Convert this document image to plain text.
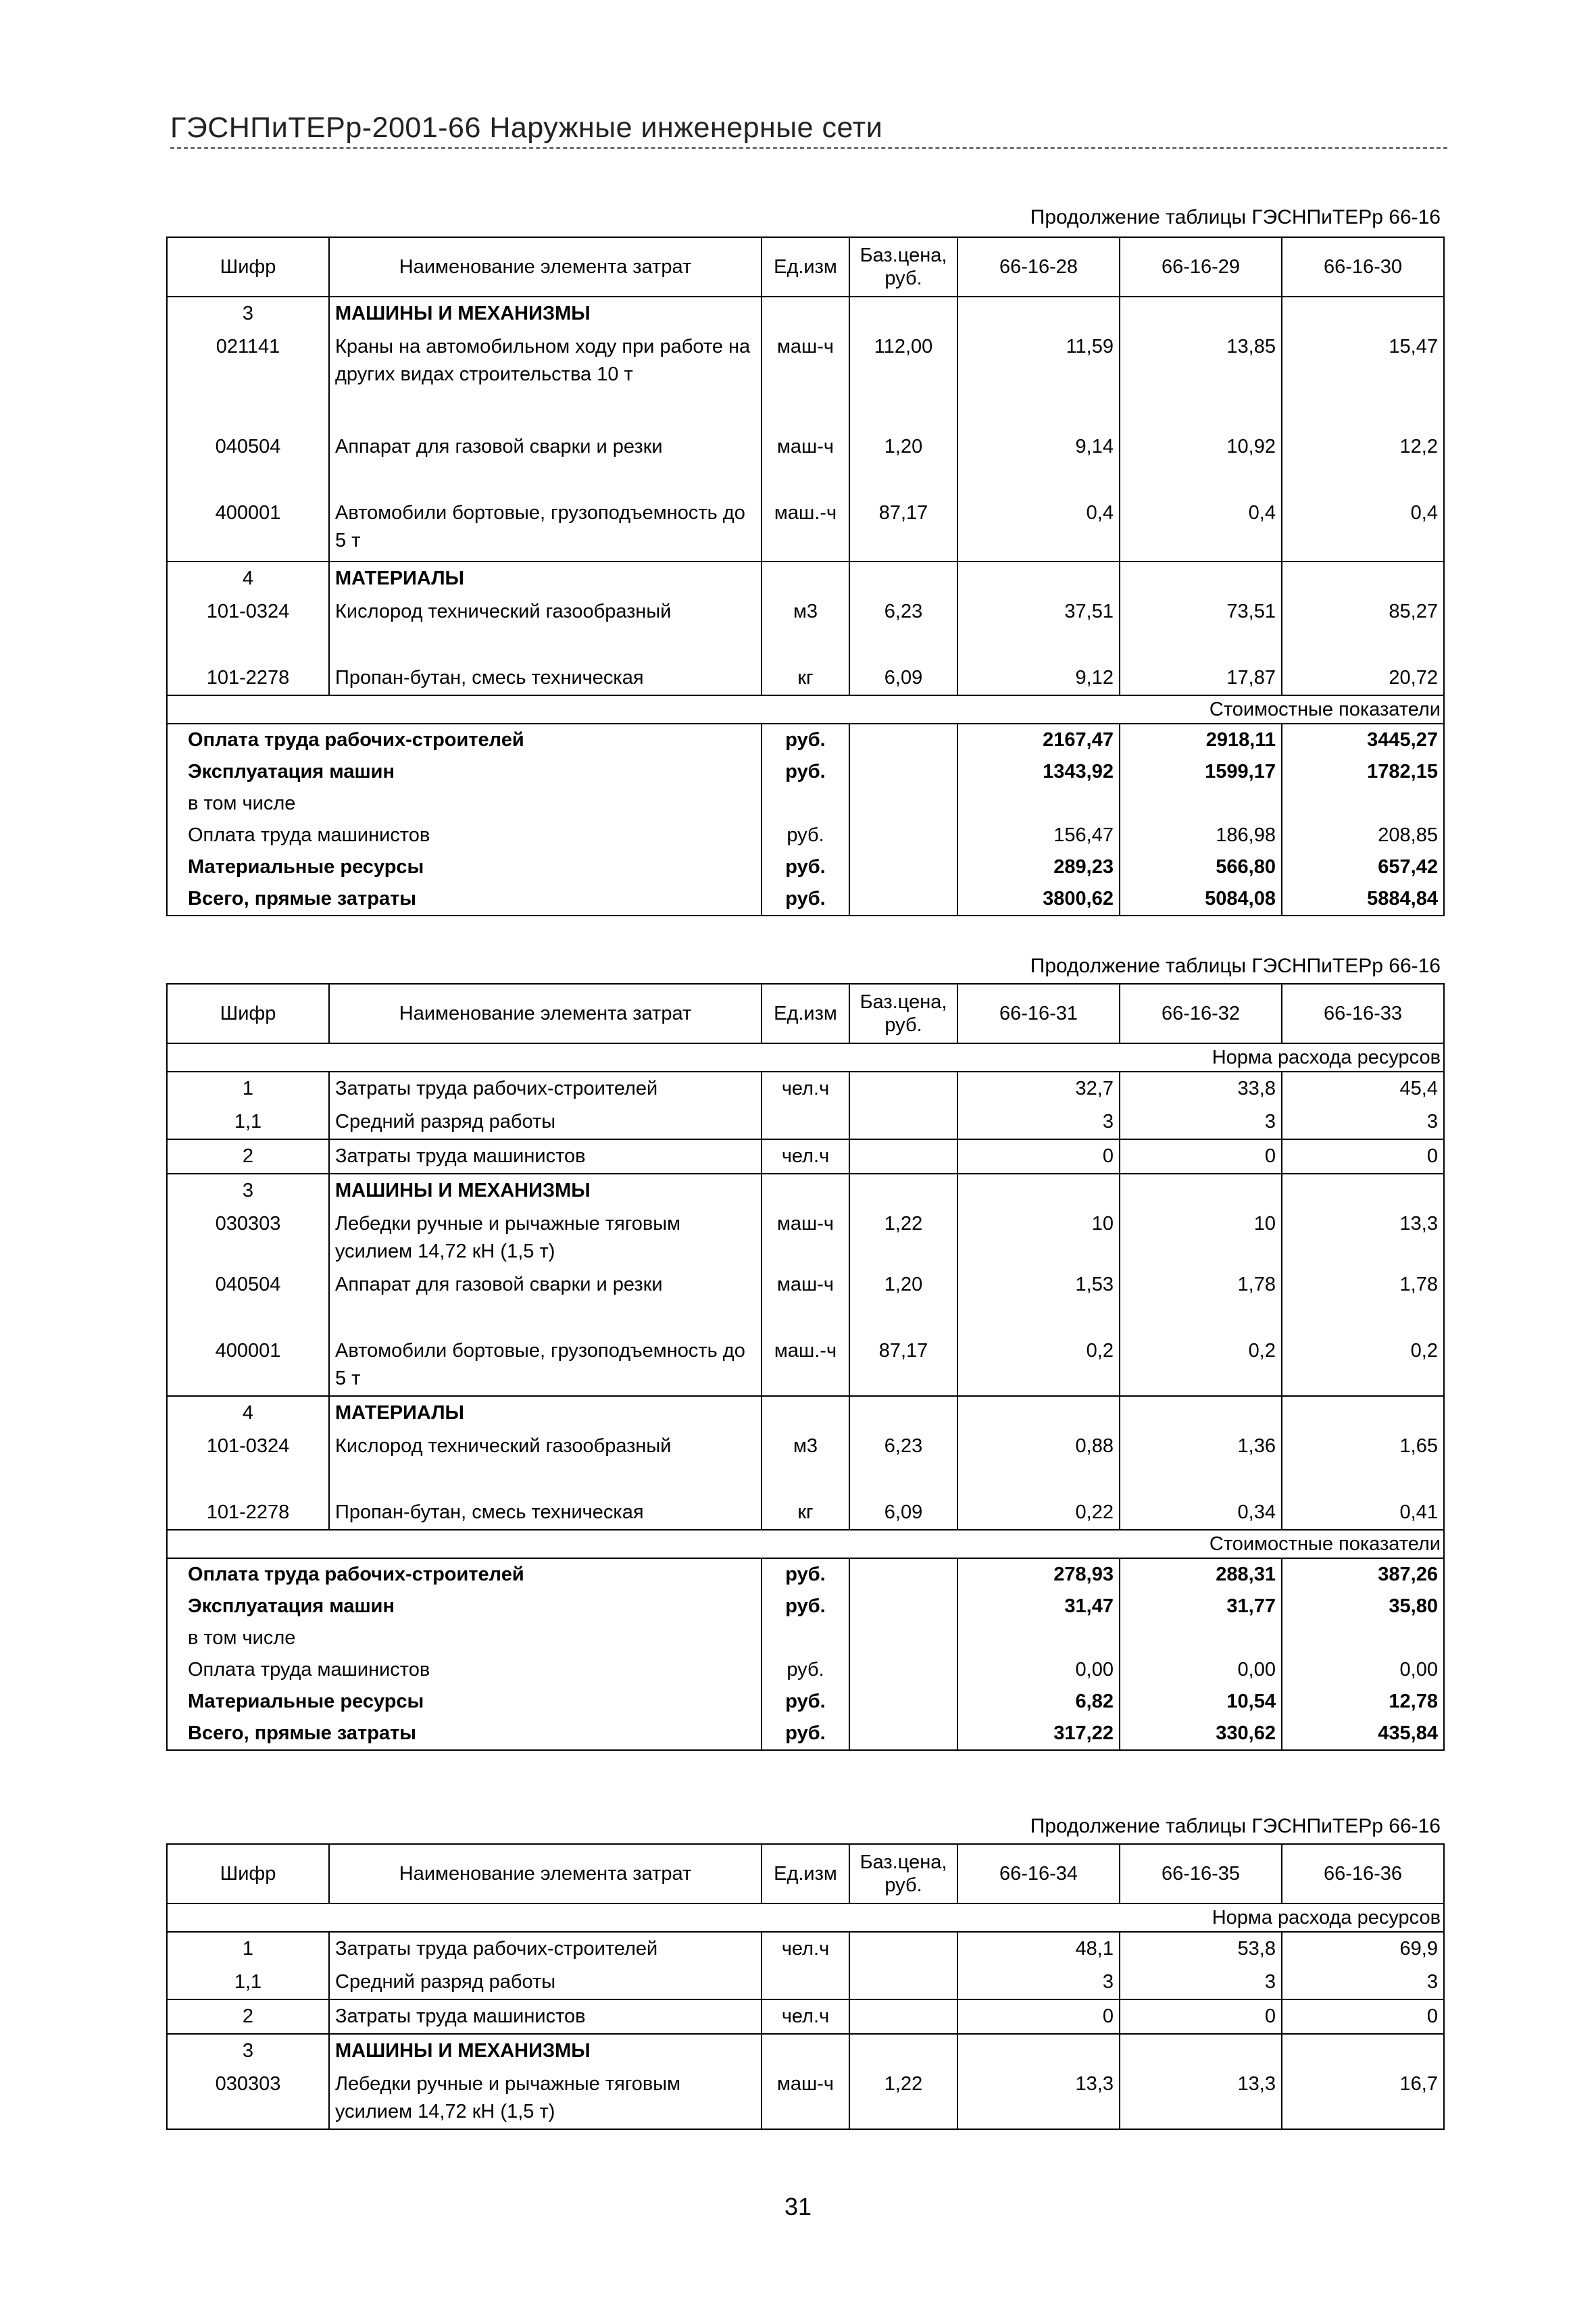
ГЭСНПиТЕРр-2001-66 Наружные инженерные сети
Продолжение таблицы ГЭСНПиТЕРр 66-16
Шифр	Наименование элемента затрат	Ед.изм	Баз.цена, руб.	66-16-28	66-16-29	66-16-30
3	МАШИНЫ И МЕХАНИЗМЫ					
021141	Краны на автомобильном ходу при работе на других видах строительства 10 т	маш-ч	112,00	11,59	13,85	15,47
040504	Аппарат для газовой сварки и резки	маш-ч	1,20	9,14	10,92	12,2
400001	Автомобили бортовые, грузоподъемность до 5 т	маш.-ч	87,17	0,4	0,4	0,4
4	МАТЕРИАЛЫ					
101-0324	Кислород технический газообразный	м3	6,23	37,51	73,51	85,27
101-2278	Пропан-бутан, смесь техническая	кг	6,09	9,12	17,87	20,72
Стоимостные показатели						
Оплата труда рабочих-строителей		руб.		2167,47	2918,11	3445,27
Эксплуатация машин		руб.		1343,92	1599,17	1782,15
в том числе						
Оплата труда машинистов		руб.		156,47	186,98	208,85
Материальные ресурсы		руб.		289,23	566,80	657,42
Всего, прямые затраты		руб.		3800,62	5084,08	5884,84
Продолжение таблицы ГЭСНПиТЕРр 66-16
Шифр	Наименование элемента затрат	Ед.изм	Баз.цена, руб.	66-16-31	66-16-32	66-16-33
Норма расхода ресурсов						
1	Затраты труда рабочих-строителей	чел.ч		32,7	33,8	45,4
1,1	Средний разряд работы			3	3	3
2	Затраты труда машинистов	чел.ч		0	0	0
3	МАШИНЫ И МЕХАНИЗМЫ					
030303	Лебедки ручные и рычажные тяговым усилием 14,72 кН (1,5 т)	маш-ч	1,22	10	10	13,3
040504	Аппарат для газовой сварки и резки	маш-ч	1,20	1,53	1,78	1,78
400001	Автомобили бортовые, грузоподъемность до 5 т	маш.-ч	87,17	0,2	0,2	0,2
4	МАТЕРИАЛЫ					
101-0324	Кислород технический газообразный	м3	6,23	0,88	1,36	1,65
101-2278	Пропан-бутан, смесь техническая	кг	6,09	0,22	0,34	0,41
Стоимостные показатели						
Оплата труда рабочих-строителей		руб.		278,93	288,31	387,26
Эксплуатация машин		руб.		31,47	31,77	35,80
в том числе						
Оплата труда машинистов		руб.		0,00	0,00	0,00
Материальные ресурсы		руб.		6,82	10,54	12,78
Всего, прямые затраты		руб.		317,22	330,62	435,84
Продолжение таблицы ГЭСНПиТЕРр 66-16
Шифр	Наименование элемента затрат	Ед.изм	Баз.цена, руб.	66-16-34	66-16-35	66-16-36
Норма расхода ресурсов						
1	Затраты труда рабочих-строителей	чел.ч		48,1	53,8	69,9
1,1	Средний разряд работы			3	3	3
2	Затраты труда машинистов	чел.ч		0	0	0
3	МАШИНЫ И МЕХАНИЗМЫ					
030303	Лебедки ручные и рычажные тяговым усилием 14,72 кН (1,5 т)	маш-ч	1,22	13,3	13,3	16,7
31
